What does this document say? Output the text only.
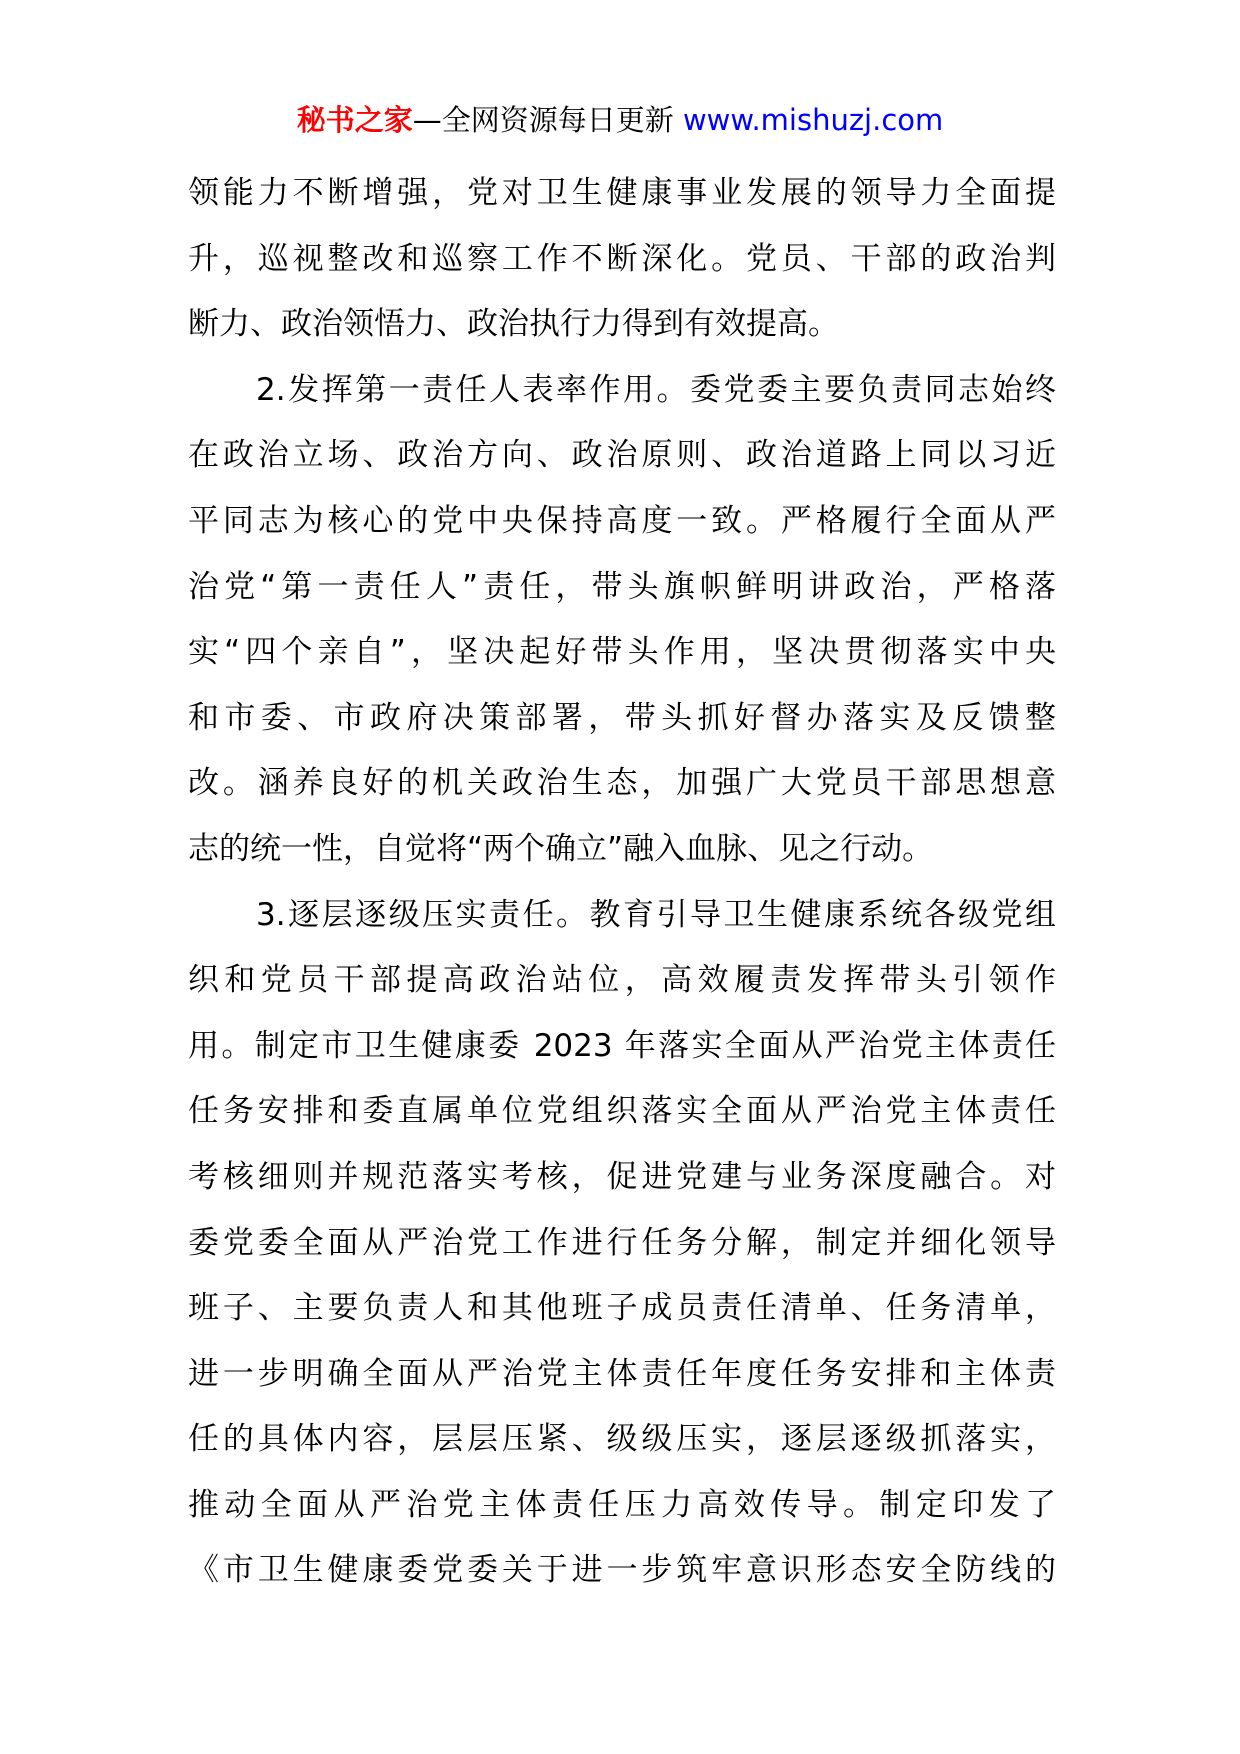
秘书之家—全网资源每日更新 www.mishuzj.com
领能力不断增强，党对卫生健康事业发展的领导力全面提
升，巡视整改和巡察工作不断深化。党员、干部的政治判
断力、政治领悟力、政治执行力得到有效提高。
2.发挥第一责任人表率作用。委党委主要负责同志始终
在政治立场、政治方向、政治原则、政治道路上同以习近
平同志为核心的党中央保持高度一致。严格履行全面从严
治党“第一责任人”责任，带头旗帜鲜明讲政治，严格落
实“四个亲自”，坚决起好带头作用，坚决贯彻落实中央
和市委、市政府决策部署，带头抓好督办落实及反馈整
改。涵养良好的机关政治生态，加强广大党员干部思想意
志的统一性，自觉将“两个确立”融入血脉、见之行动。
3.逐层逐级压实责任。教育引导卫生健康系统各级党组
织和党员干部提高政治站位，高效履责发挥带头引领作
用。制定市卫生健康委 2023 年落实全面从严治党主体责任
任务安排和委直属单位党组织落实全面从严治党主体责任
考核细则并规范落实考核，促进党建与业务深度融合。对
委党委全面从严治党工作进行任务分解，制定并细化领导
班子、主要负责人和其他班子成员责任清单、任务清单，
进一步明确全面从严治党主体责任年度任务安排和主体责
任的具体内容，层层压紧、级级压实，逐层逐级抓落实，
推动全面从严治党主体责任压力高效传导。制定印发了
《市卫生健康委党委关于进一步筑牢意识形态安全防线的
